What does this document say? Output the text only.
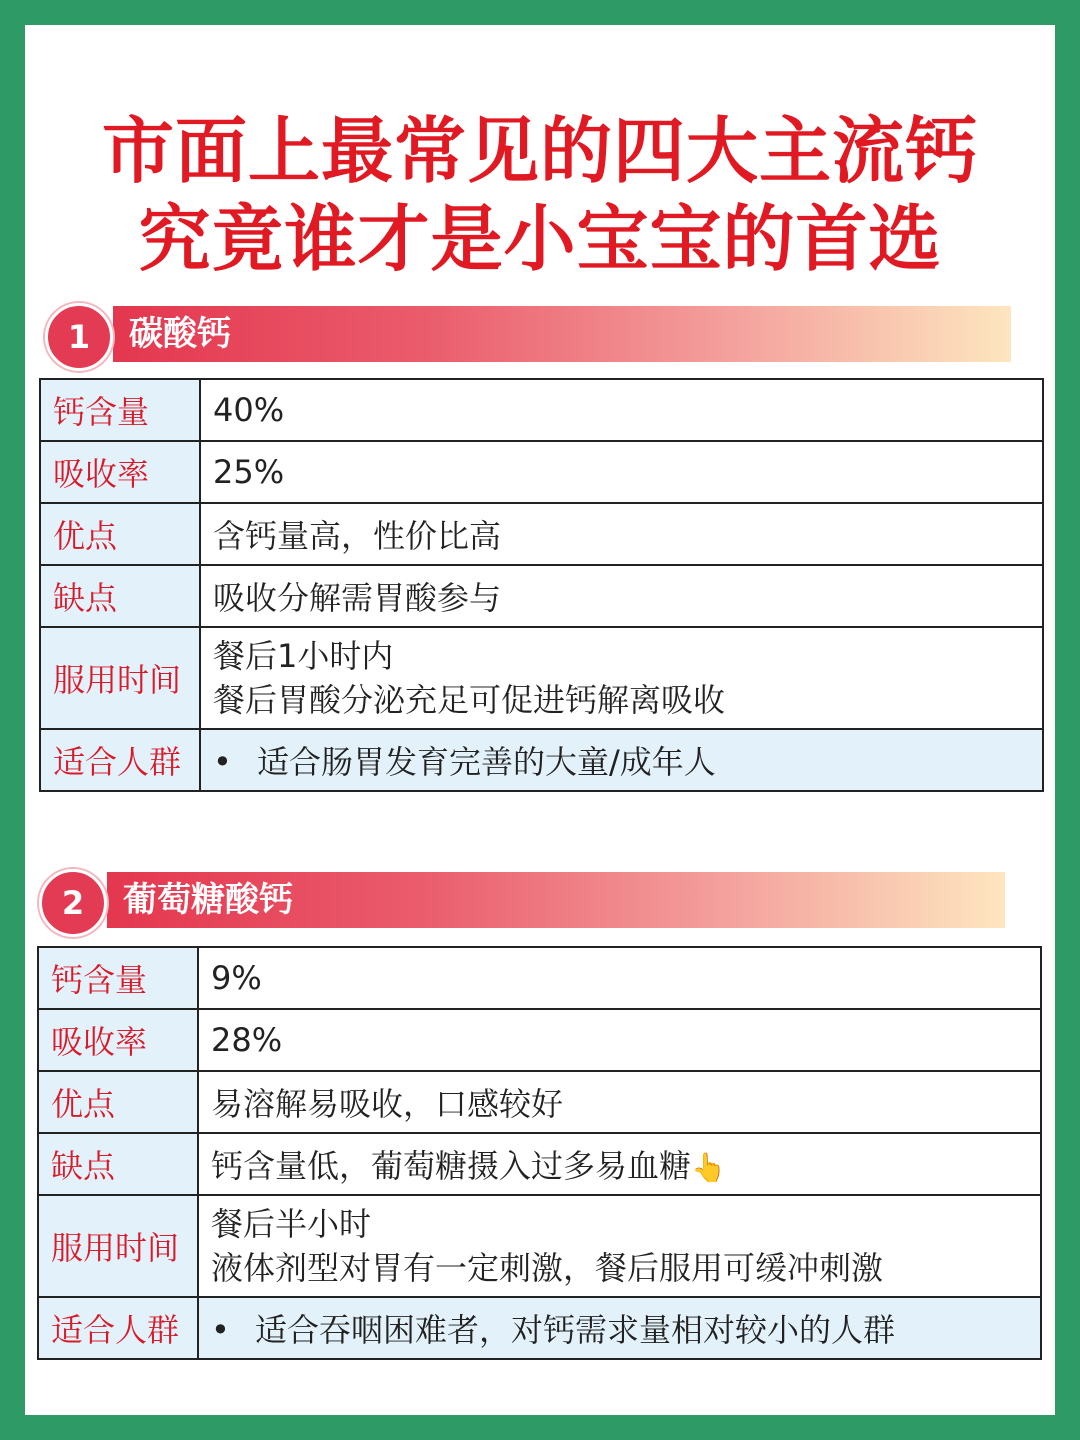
市面上最常见的四大主流钙
究竟谁才是小宝宝的首选
碳酸钙
1
钙含量	40%
吸收率	25%
优点	含钙量高，性价比高
缺点	吸收分解需胃酸参与
服用时间	餐后1小时内
餐后胃酸分泌充足可促进钙解离吸收

适合人群	• 适合肠胃发育完善的大童/成年人
葡萄糖酸钙
2
钙含量	9%
吸收率	28%
优点	易溶解易吸收，口感较好
缺点	钙含量低，葡萄糖摄入过多易血糖👆
服用时间	餐后半小时
液体剂型对胃有一定刺激，餐后服用可缓冲刺激

适合人群	• 适合吞咽困难者，对钙需求量相对较小的人群
